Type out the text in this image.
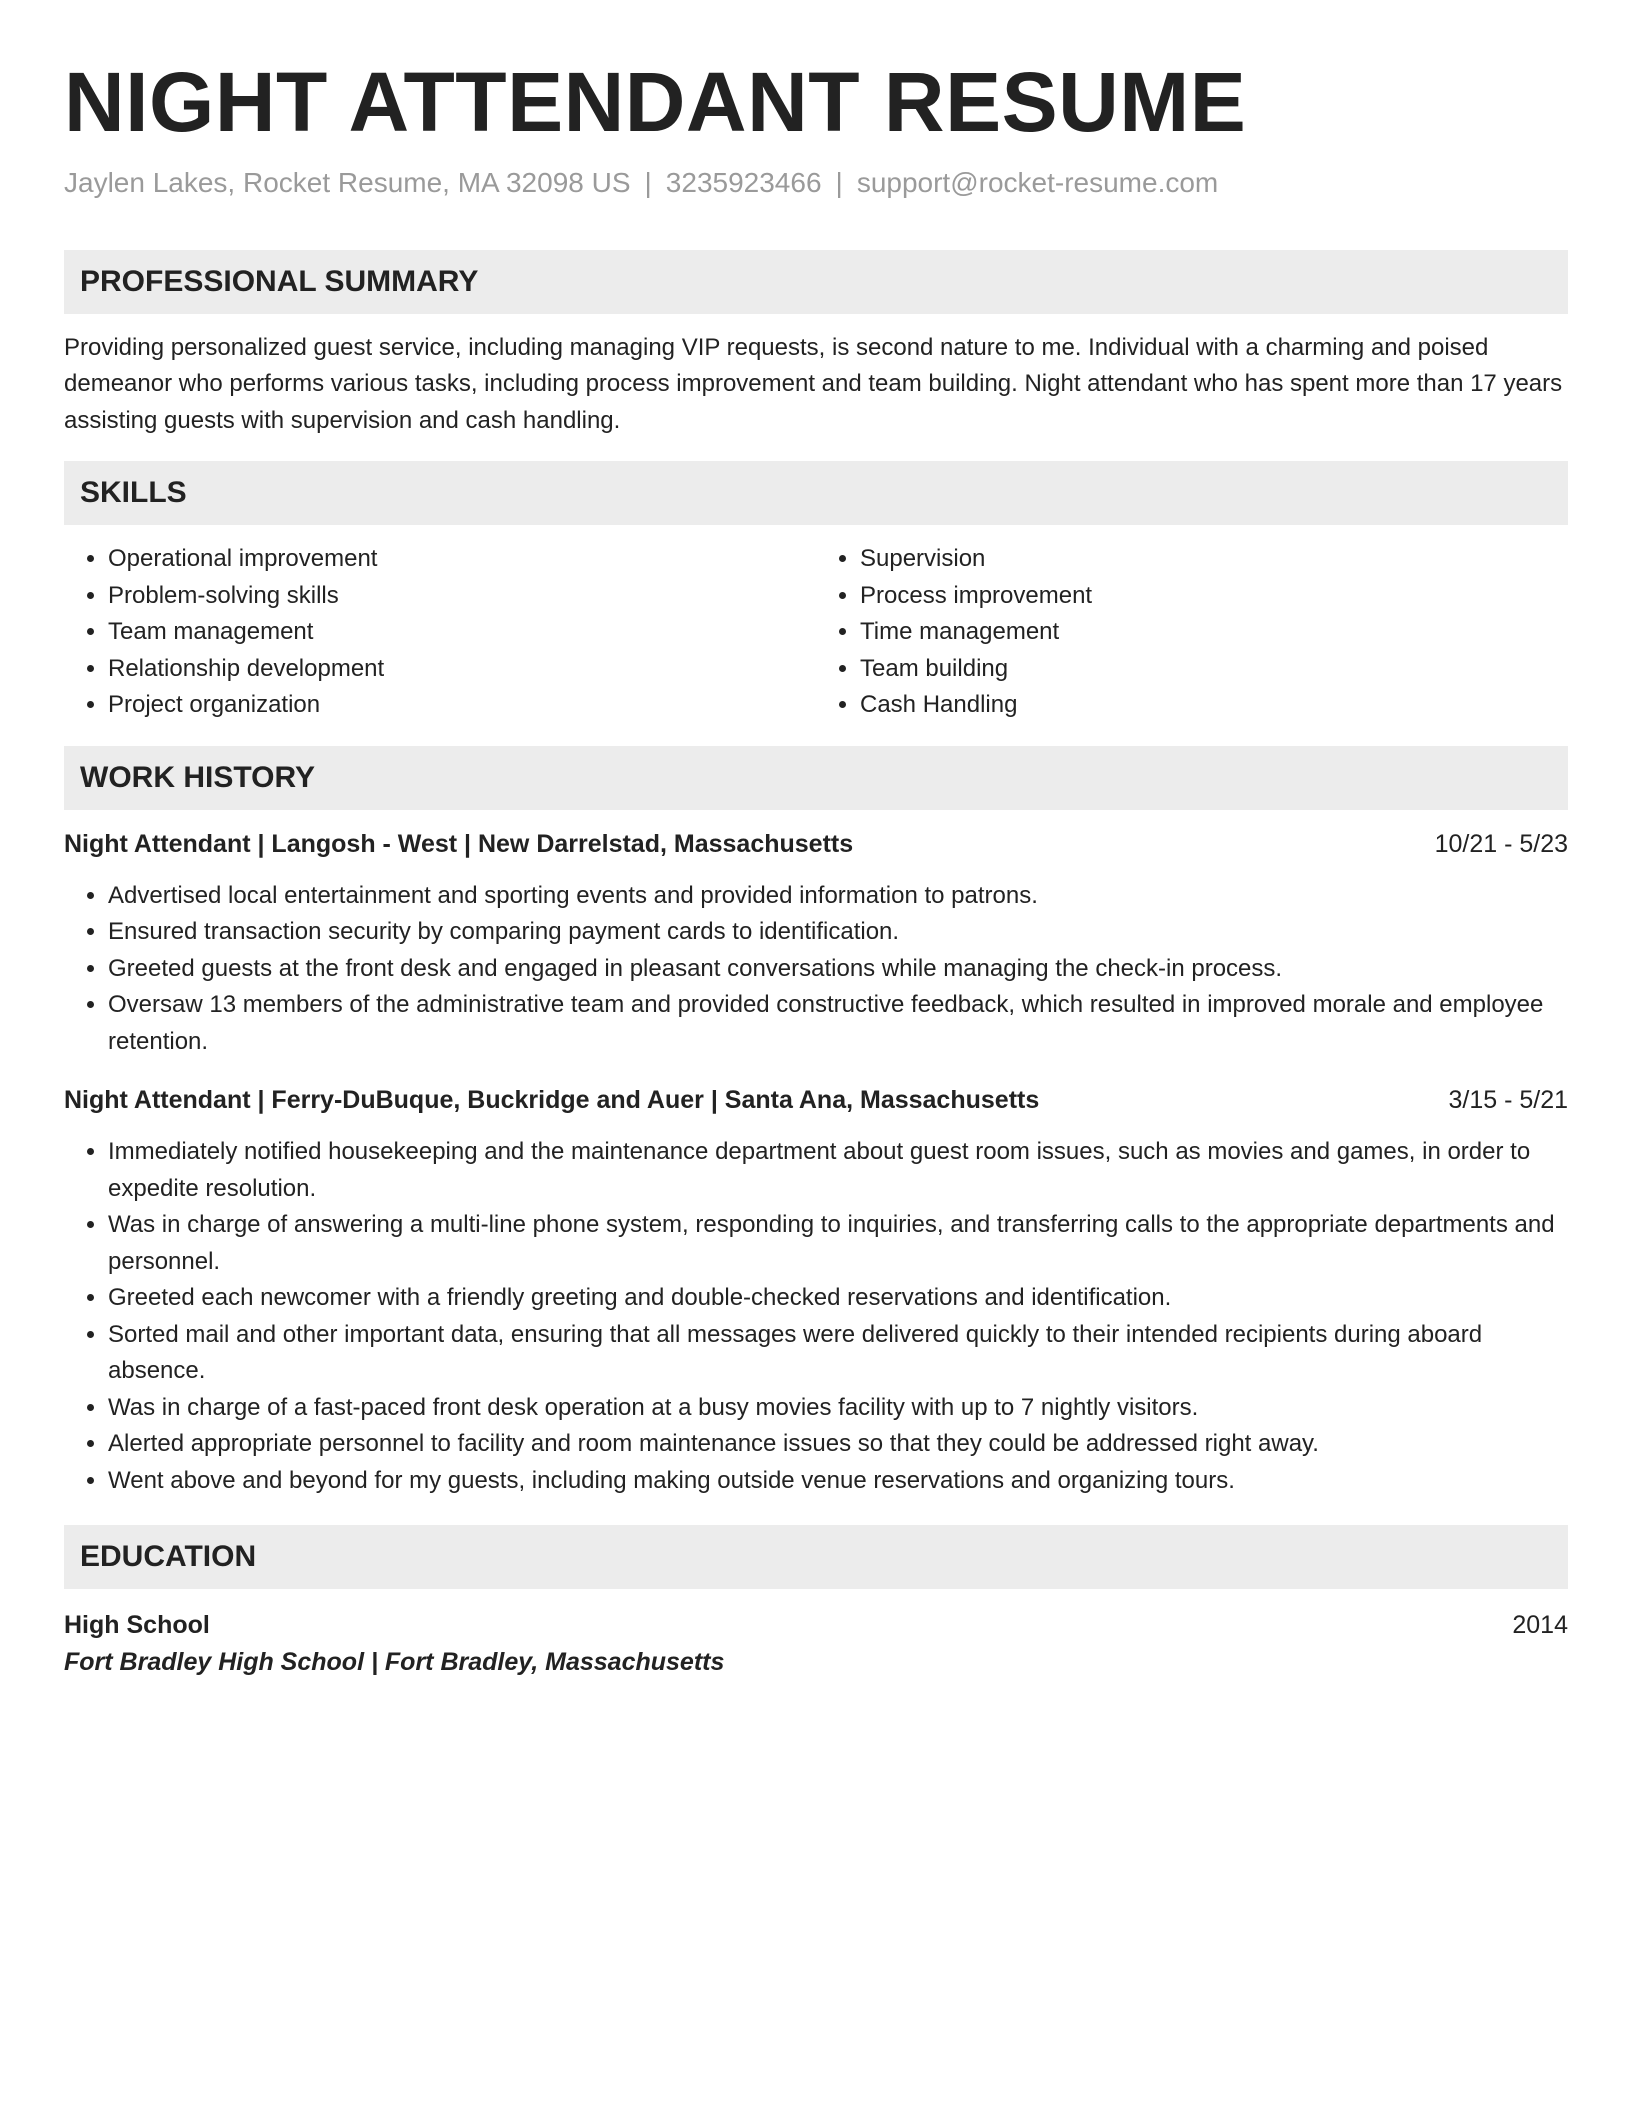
NIGHT ATTENDANT RESUME
Jaylen Lakes, Rocket Resume, MA 32098 US | 3235923466 | support@rocket-resume.com
PROFESSIONAL SUMMARY

Providing personalized guest service, including managing VIP requests, is second nature to me. Individual with a charming and poised demeanor who performs various tasks, including process improvement and team building. Night attendant who has spent more than 17 years assisting guests with supervision and cash handling.

SKILLS
• Operational improvement
• Problem-solving skills
• Team management
• Relationship development
• Project organization
• Supervision
• Process improvement
• Time management
• Team building
• Cash Handling
WORK HISTORY
Night Attendant | Langosh - West | New Darrelstad, Massachusetts	10/21 - 5/23
• Advertised local entertainment and sporting events and provided information to patrons.
• Ensured transaction security by comparing payment cards to identification.
• Greeted guests at the front desk and engaged in pleasant conversations while managing the check-in process.
• Oversaw 13 members of the administrative team and provided constructive feedback, which resulted in improved morale and employee retention.
Night Attendant | Ferry-DuBuque, Buckridge and Auer | Santa Ana, Massachusetts	3/15 - 5/21
• Immediately notified housekeeping and the maintenance department about guest room issues, such as movies and games, in order to expedite resolution.
• Was in charge of answering a multi-line phone system, responding to inquiries, and transferring calls to the appropriate departments and personnel.
• Greeted each newcomer with a friendly greeting and double-checked reservations and identification.
• Sorted mail and other important data, ensuring that all messages were delivered quickly to their intended recipients during aboard absence.
• Was in charge of a fast-paced front desk operation at a busy movies facility with up to 7 nightly visitors.
• Alerted appropriate personnel to facility and room maintenance issues so that they could be addressed right away.
• Went above and beyond for my guests, including making outside venue reservations and organizing tours.
EDUCATION
High School	2014
Fort Bradley High School | Fort Bradley, Massachusetts
